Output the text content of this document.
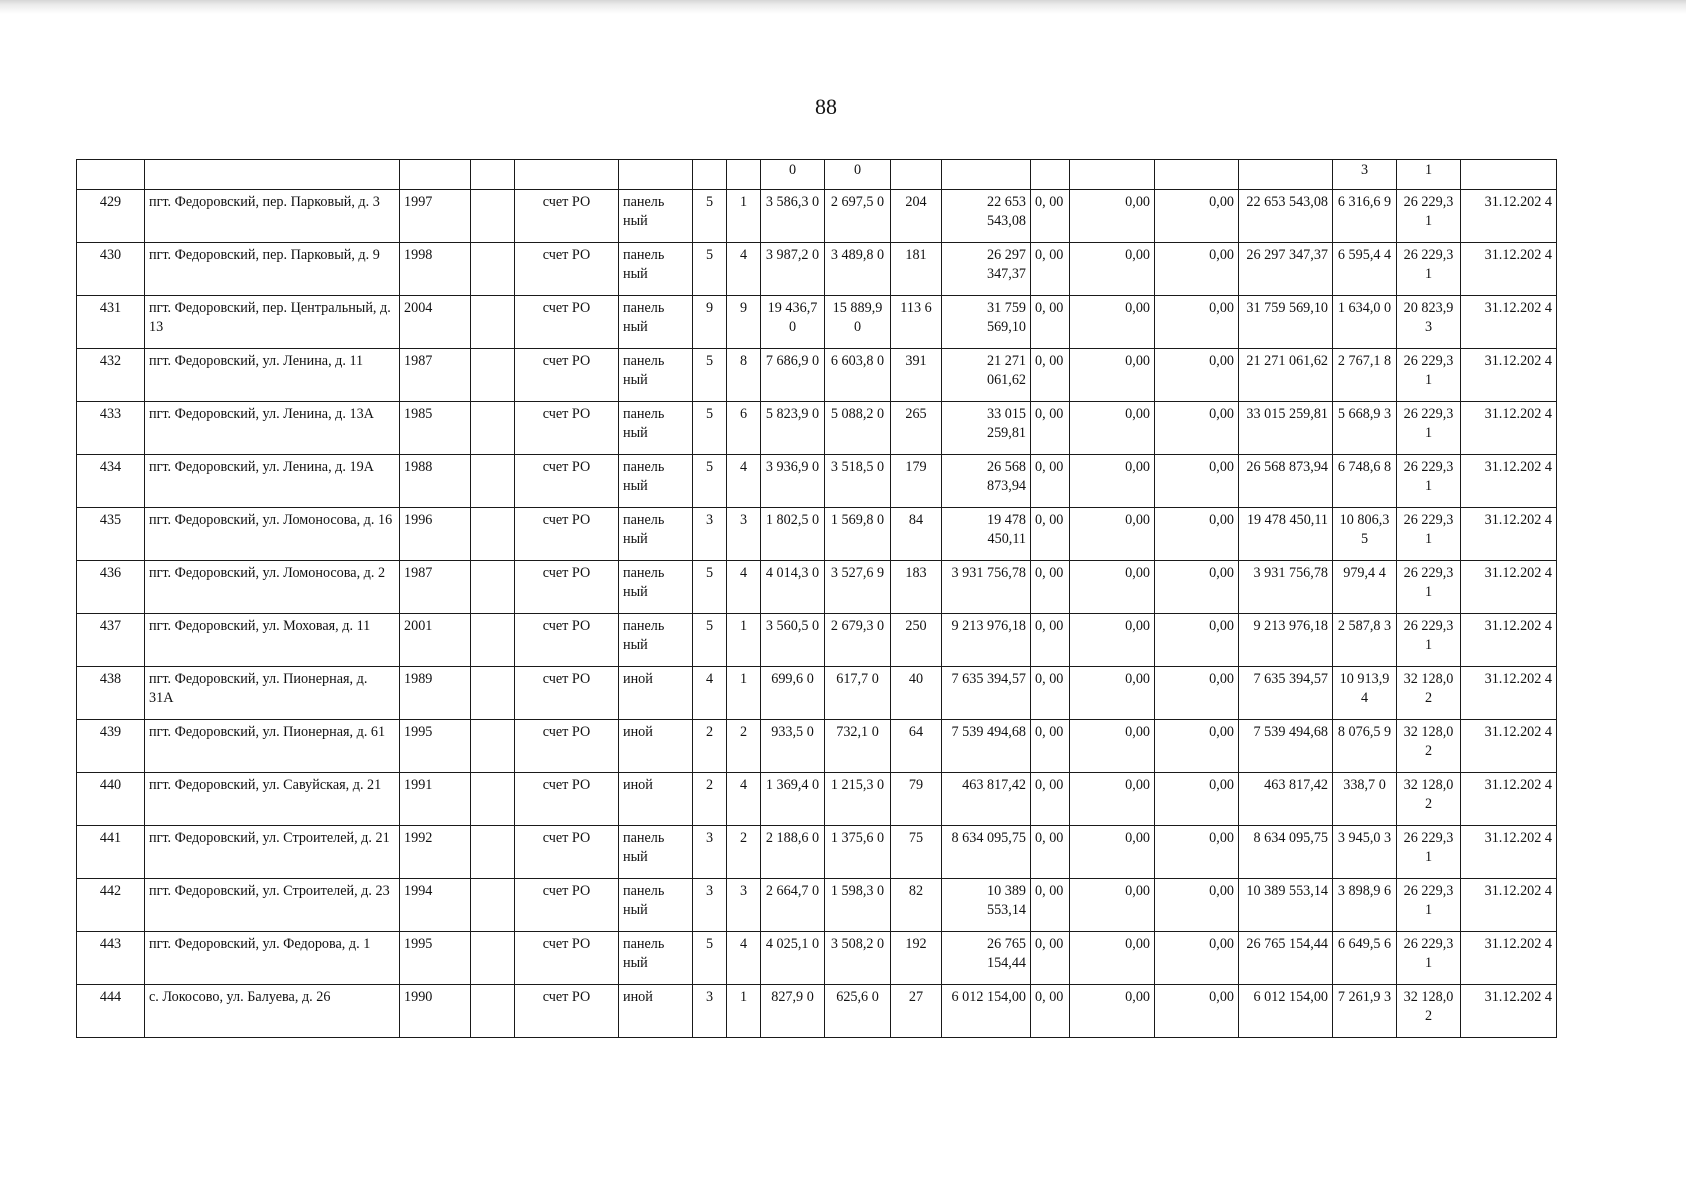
88
								0	0							3	1	
429	пгт. Федоровский, пер. Парковый, д. 3	1997		счет РО	панель ный	5	1	3 586,3 0	2 697,5 0	204	22 653 543,08	0, 00	0,00	0,00	22 653 543,08	6 316,6 9	26 229,3 1	31.12.202 4
430	пгт. Федоровский, пер. Парковый, д. 9	1998		счет РО	панель ный	5	4	3 987,2 0	3 489,8 0	181	26 297 347,37	0, 00	0,00	0,00	26 297 347,37	6 595,4 4	26 229,3 1	31.12.202 4
431	пгт. Федоровский, пер. Центральный, д. 13	2004		счет РО	панель ный	9	9	19 436,7 0	15 889,9 0	113 6	31 759 569,10	0, 00	0,00	0,00	31 759 569,10	1 634,0 0	20 823,9 3	31.12.202 4
432	пгт. Федоровский, ул. Ленина, д. 11	1987		счет РО	панель ный	5	8	7 686,9 0	6 603,8 0	391	21 271 061,62	0, 00	0,00	0,00	21 271 061,62	2 767,1 8	26 229,3 1	31.12.202 4
433	пгт. Федоровский, ул. Ленина, д. 13А	1985		счет РО	панель ный	5	6	5 823,9 0	5 088,2 0	265	33 015 259,81	0, 00	0,00	0,00	33 015 259,81	5 668,9 3	26 229,3 1	31.12.202 4
434	пгт. Федоровский, ул. Ленина, д. 19А	1988		счет РО	панель ный	5	4	3 936,9 0	3 518,5 0	179	26 568 873,94	0, 00	0,00	0,00	26 568 873,94	6 748,6 8	26 229,3 1	31.12.202 4
435	пгт. Федоровский, ул. Ломоносова, д. 16	1996		счет РО	панель ный	3	3	1 802,5 0	1 569,8 0	84	19 478 450,11	0, 00	0,00	0,00	19 478 450,11	10 806,3 5	26 229,3 1	31.12.202 4
436	пгт. Федоровский, ул. Ломоносова, д. 2	1987		счет РО	панель ный	5	4	4 014,3 0	3 527,6 9	183	3 931 756,78	0, 00	0,00	0,00	3 931 756,78	979,4 4	26 229,3 1	31.12.202 4
437	пгт. Федоровский, ул. Моховая, д. 11	2001		счет РО	панель ный	5	1	3 560,5 0	2 679,3 0	250	9 213 976,18	0, 00	0,00	0,00	9 213 976,18	2 587,8 3	26 229,3 1	31.12.202 4
438	пгт. Федоровский, ул. Пионерная, д. 31А	1989		счет РО	иной	4	1	699,6 0	617,7 0	40	7 635 394,57	0, 00	0,00	0,00	7 635 394,57	10 913,9 4	32 128,0 2	31.12.202 4
439	пгт. Федоровский, ул. Пионерная, д. 61	1995		счет РО	иной	2	2	933,5 0	732,1 0	64	7 539 494,68	0, 00	0,00	0,00	7 539 494,68	8 076,5 9	32 128,0 2	31.12.202 4
440	пгт. Федоровский, ул. Савуйская, д. 21	1991		счет РО	иной	2	4	1 369,4 0	1 215,3 0	79	463 817,42	0, 00	0,00	0,00	463 817,42	338,7 0	32 128,0 2	31.12.202 4
441	пгт. Федоровский, ул. Строителей, д. 21	1992		счет РО	панель ный	3	2	2 188,6 0	1 375,6 0	75	8 634 095,75	0, 00	0,00	0,00	8 634 095,75	3 945,0 3	26 229,3 1	31.12.202 4
442	пгт. Федоровский, ул. Строителей, д. 23	1994		счет РО	панель ный	3	3	2 664,7 0	1 598,3 0	82	10 389 553,14	0, 00	0,00	0,00	10 389 553,14	3 898,9 6	26 229,3 1	31.12.202 4
443	пгт. Федоровский, ул. Федорова, д. 1	1995		счет РО	панель ный	5	4	4 025,1 0	3 508,2 0	192	26 765 154,44	0, 00	0,00	0,00	26 765 154,44	6 649,5 6	26 229,3 1	31.12.202 4
444	с. Локосово, ул. Балуева, д. 26	1990		счет РО	иной	3	1	827,9 0	625,6 0	27	6 012 154,00	0, 00	0,00	0,00	6 012 154,00	7 261,9 3	32 128,0 2	31.12.202 4
